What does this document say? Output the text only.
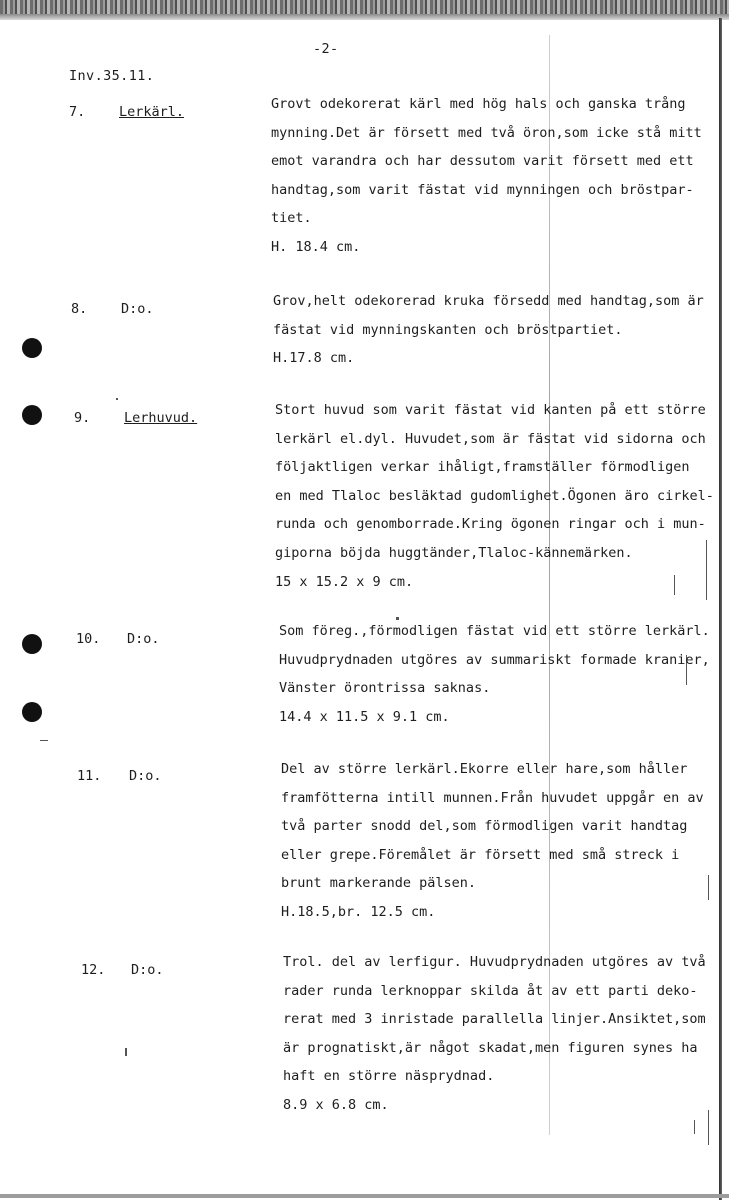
-2-
Inv.35.11.
7. Lerkärl.	Grovt odekorerat kärl med hög hals och ganska trång
mynning.Det är försett med två öron,som icke stå mitt
emot varandra och har dessutom varit försett med ett
handtag,som varit fästat vid mynningen och bröstpar-
tiet.
H. 18.4 cm.
8. D:o.	Grov,helt odekorerad kruka försedd med handtag,som är
fästat vid mynningskanten och bröstpartiet.
H.17.8 cm.
9. Lerhuvud.	Stort huvud som varit fästat vid kanten på ett större
lerkärl el.dyl. Huvudet,som är fästat vid sidorna och
följaktligen verkar ihåligt,framställer förmodligen
en med Tlaloc besläktad gudomlighet.Ögonen äro cirkel-
runda och genomborrade.Kring ögonen ringar och i mun-
giporna böjda huggtänder,Tlaloc-kännemärken.
15 x 15.2 x 9 cm.
10. D:o.	Som föreg.,förmodligen fästat vid ett större lerkärl.
Huvudprydnaden utgöres av summariskt formade kranier,
Vänster örontrissa saknas.
14.4 x 11.5 x 9.1 cm.
11. D:o.	Del av större lerkärl.Ekorre eller hare,som håller
framfötterna intill munnen.Från huvudet uppgår en av
två parter snodd del,som förmodligen varit handtag
eller grepe.Föremålet är försett med små streck i
brunt markerande pälsen.
H.18.5,br. 12.5 cm.
12. D:o.	Trol. del av lerfigur. Huvudprydnaden utgöres av två
rader runda lerknoppar skilda åt av ett parti deko-
rerat med 3 inristade parallella linjer.Ansiktet,som
är prognatiskt,är något skadat,men figuren synes ha
haft en större näsprydnad.
8.9 x 6.8 cm.
